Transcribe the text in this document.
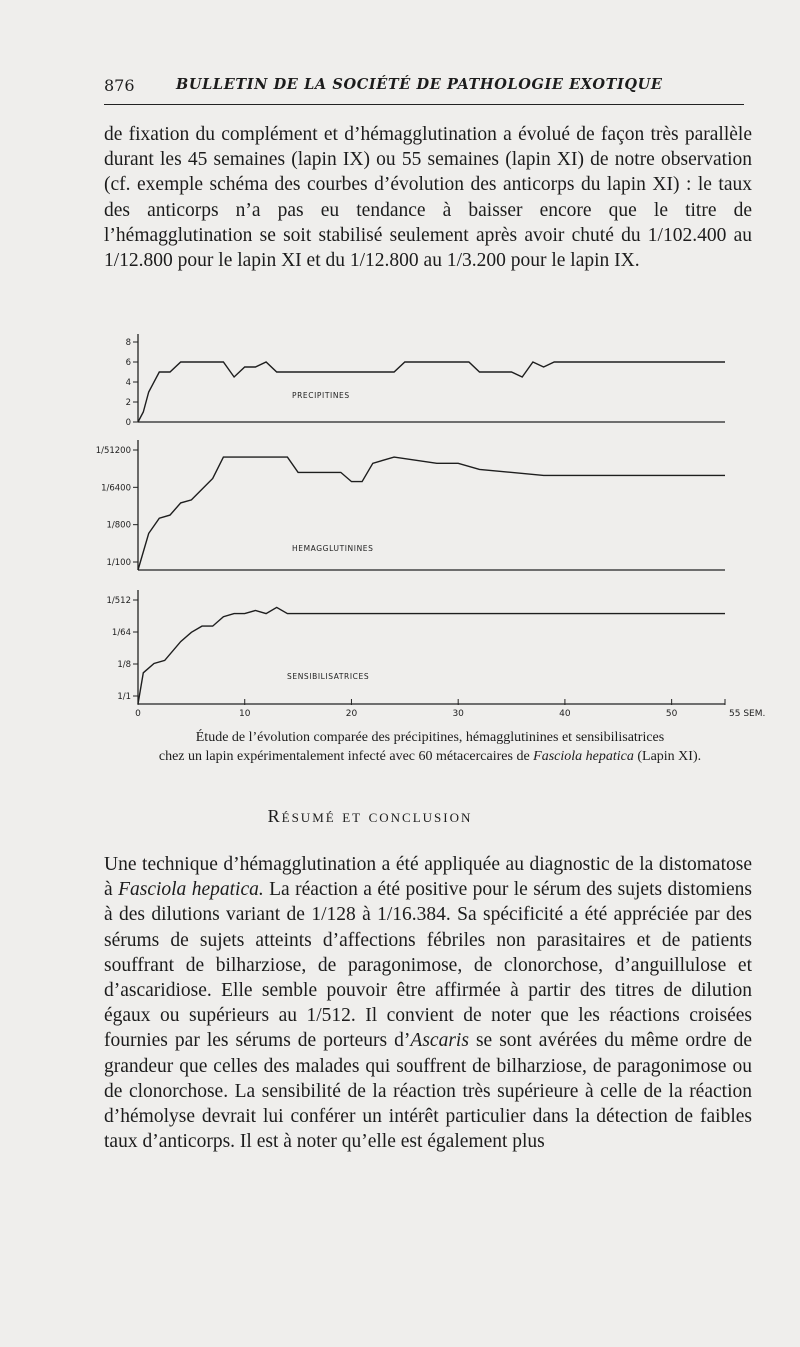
876	BULLETIN DE LA SOCIÉTÉ DE PATHOLOGIE EXOTIQUE

de fixation du complément et d’hémagglutination a évolué de façon très parallèle durant les 45 semaines (lapin IX) ou 55 semaines (lapin XI) de notre observation (cf. exemple schéma des courbes d’évolution des anticorps du lapin XI) : le taux des anticorps n’a pas eu tendance à baisser encore que le titre de l’hémagglutination se soit stabilisé seulement après avoir chuté du 1/102.400 au 1/12.800 pour le lapin XI et du 1/12.800 au 1/3.200 pour le lapin IX.

8
6
4
2
0
PRECIPITINES
1/51200
1/6400
1/800
1/100
HEMAGGLUTININES
1/512
1/64
1/8
1/1
SENSIBILISATRICES
0	10	20	30	40	50	55 SEM.
Étude de l’évolution comparée des précipitines, hémagglutinines et sensibilisatrices
chez un lapin expérimentalement infecté avec 60 métacercaires de Fasciola hepatica (Lapin XI).
Résumé et conclusion

Une technique d’hémagglutination a été appliquée au diagnostic de la distomatose à Fasciola hepatica. La réaction a été positive pour le sérum des sujets distomiens à des dilutions variant de 1/128 à 1/16.384. Sa spécificité a été appréciée par des sérums de sujets atteints d’affections fébriles non parasitaires et de patients souffrant de bilharziose, de paragonimose, de clonorchose, d’anguillulose et d’ascaridiose. Elle semble pouvoir être affirmée à partir des titres de dilution égaux ou supérieurs au 1/512. Il convient de noter que les réactions croisées fournies par les sérums de porteurs d’Ascaris se sont avérées du même ordre de grandeur que celles des malades qui souffrent de bilharziose, de paragonimose ou de clonorchose. La sensibilité de la réaction très supérieure à celle de la réaction d’hémolyse devrait lui conférer un intérêt particulier dans la détection de faibles taux d’anticorps. Il est à noter qu’elle est également plus
